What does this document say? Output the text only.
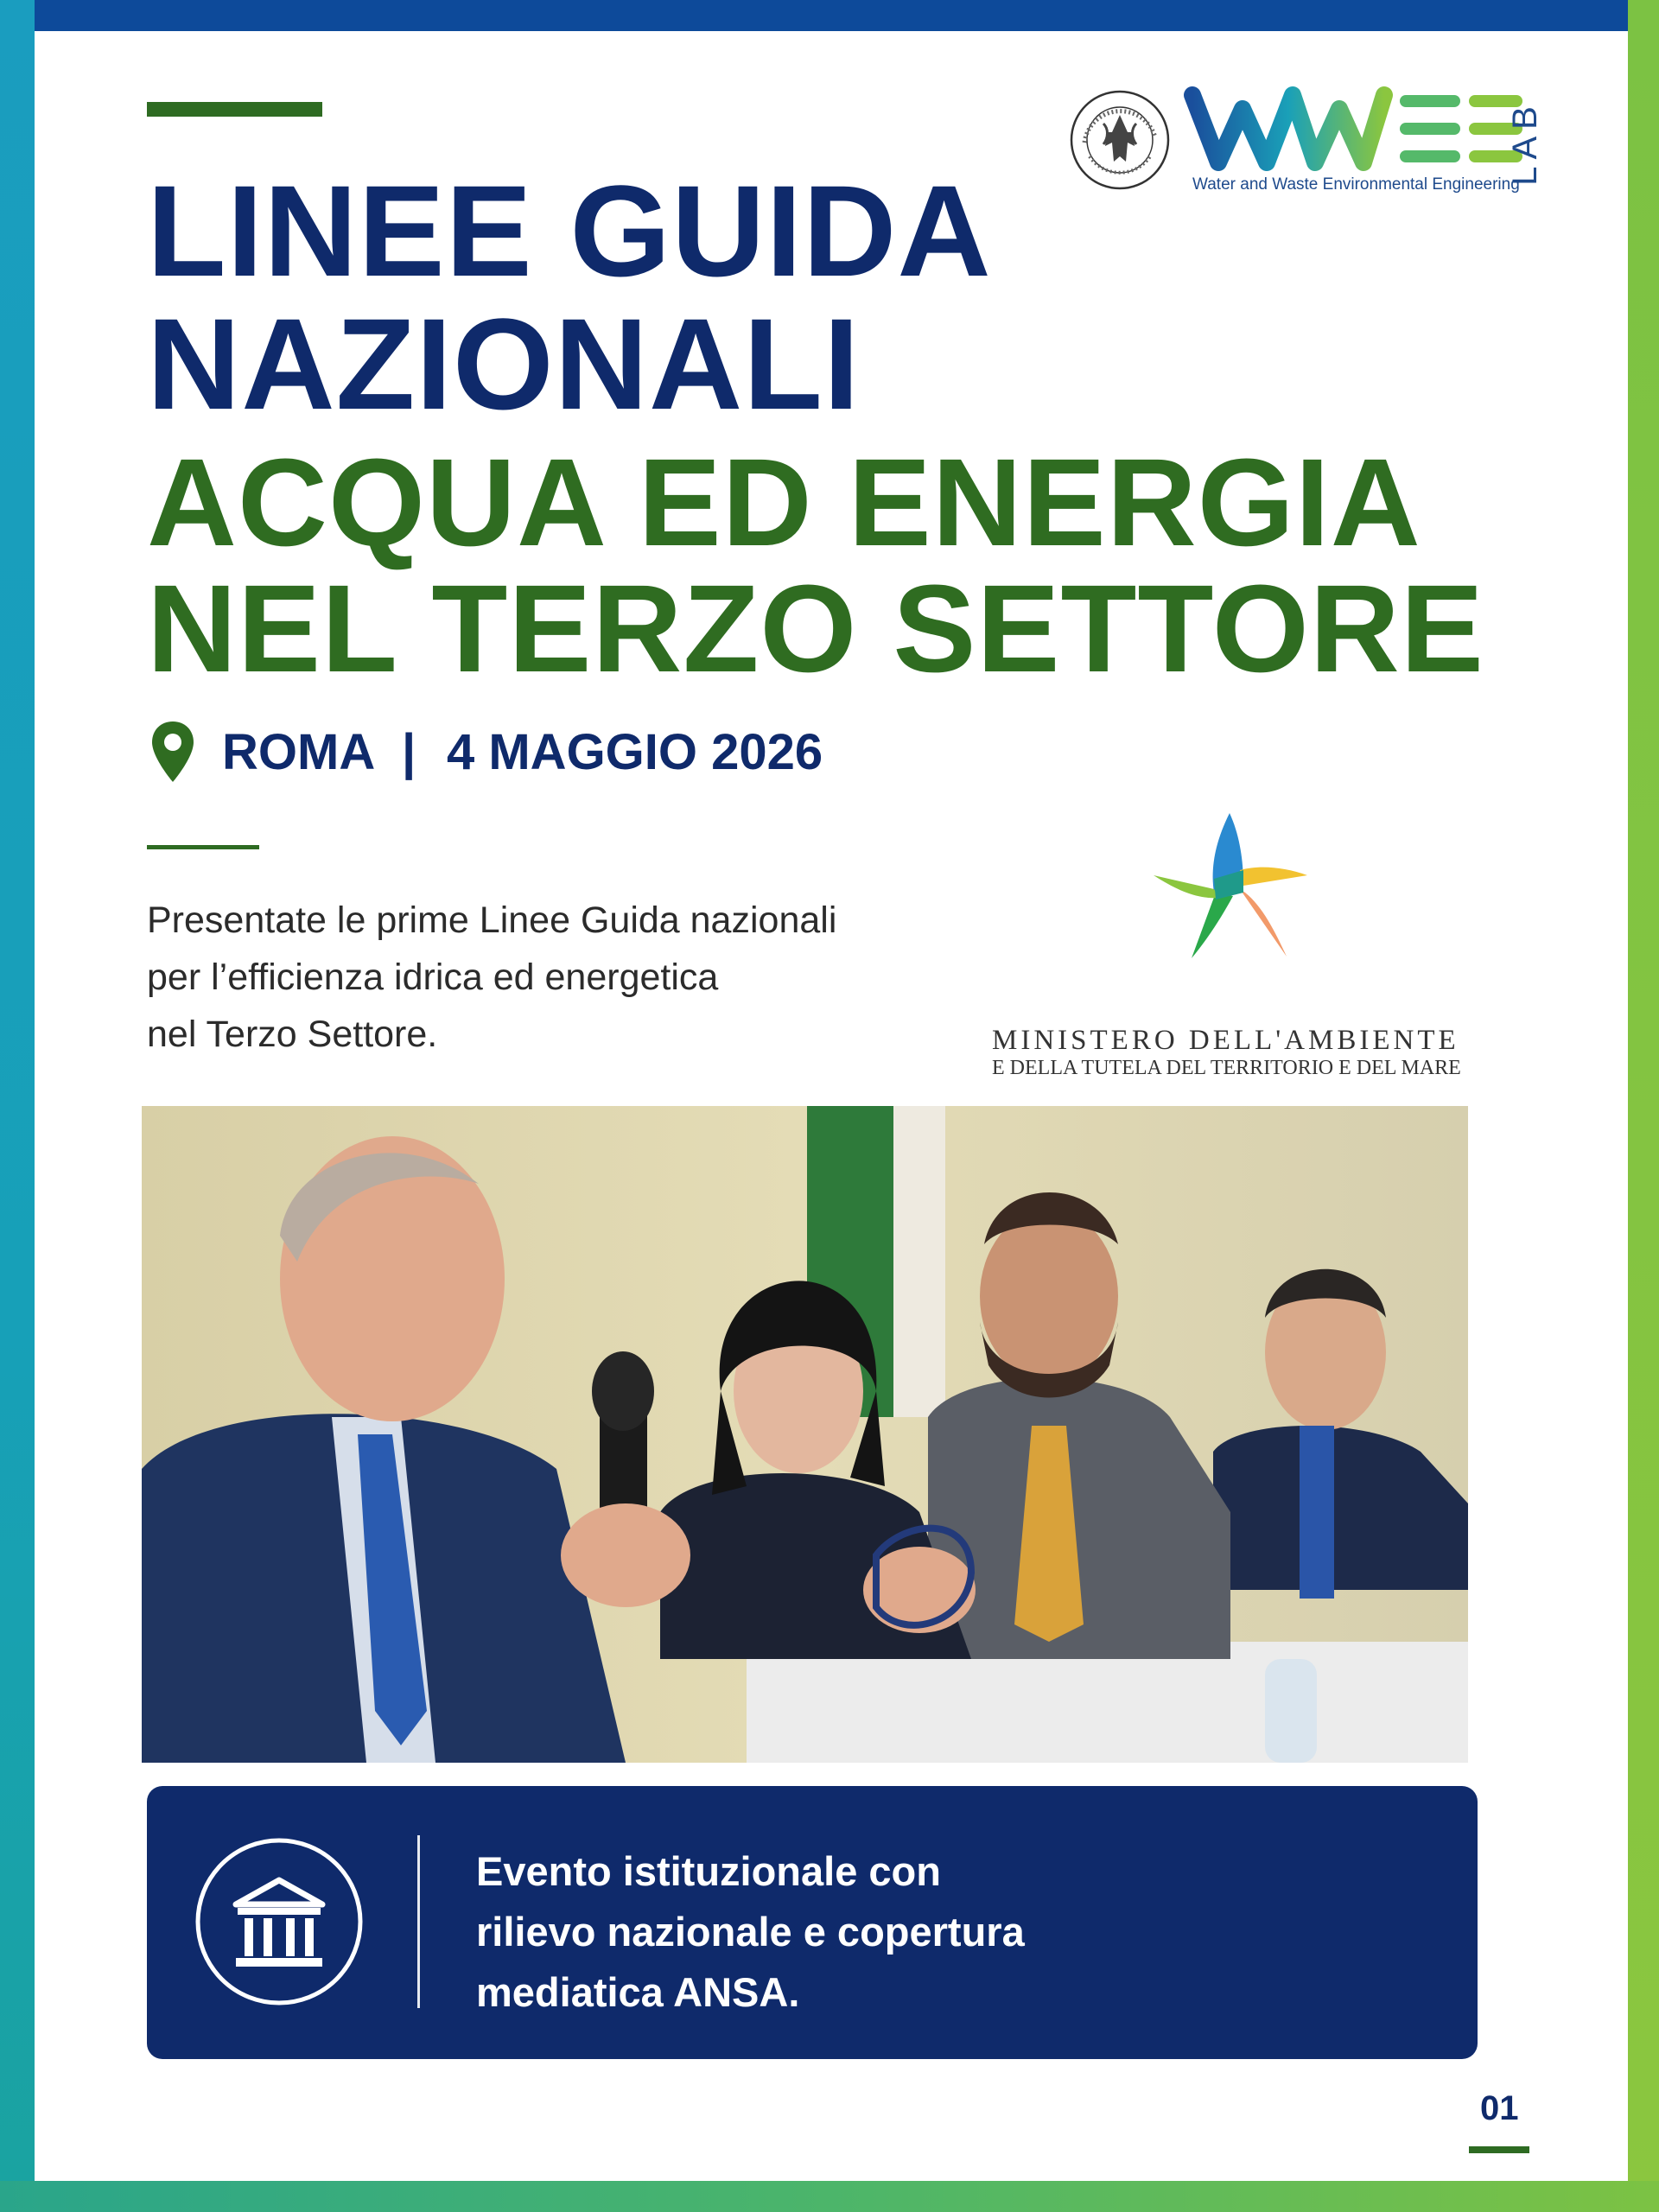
LINEE GUIDA
NAZIONALI
ACQUA ED ENERGIA
NEL TERZO SETTORE
ROMA | 4 MAGGIO 2026

Presentate le prime Linee Guida nazionali
per l’efficienza idrica ed energetica
nel Terzo Settore.

Water and Waste Environmental Engineering
LAB
MINISTERO DELL'AMBIENTE
E DELLA TUTELA DEL TERRITORIO E DEL MARE

Evento istituzionale con
rilievo nazionale e copertura
mediatica ANSA.

01
